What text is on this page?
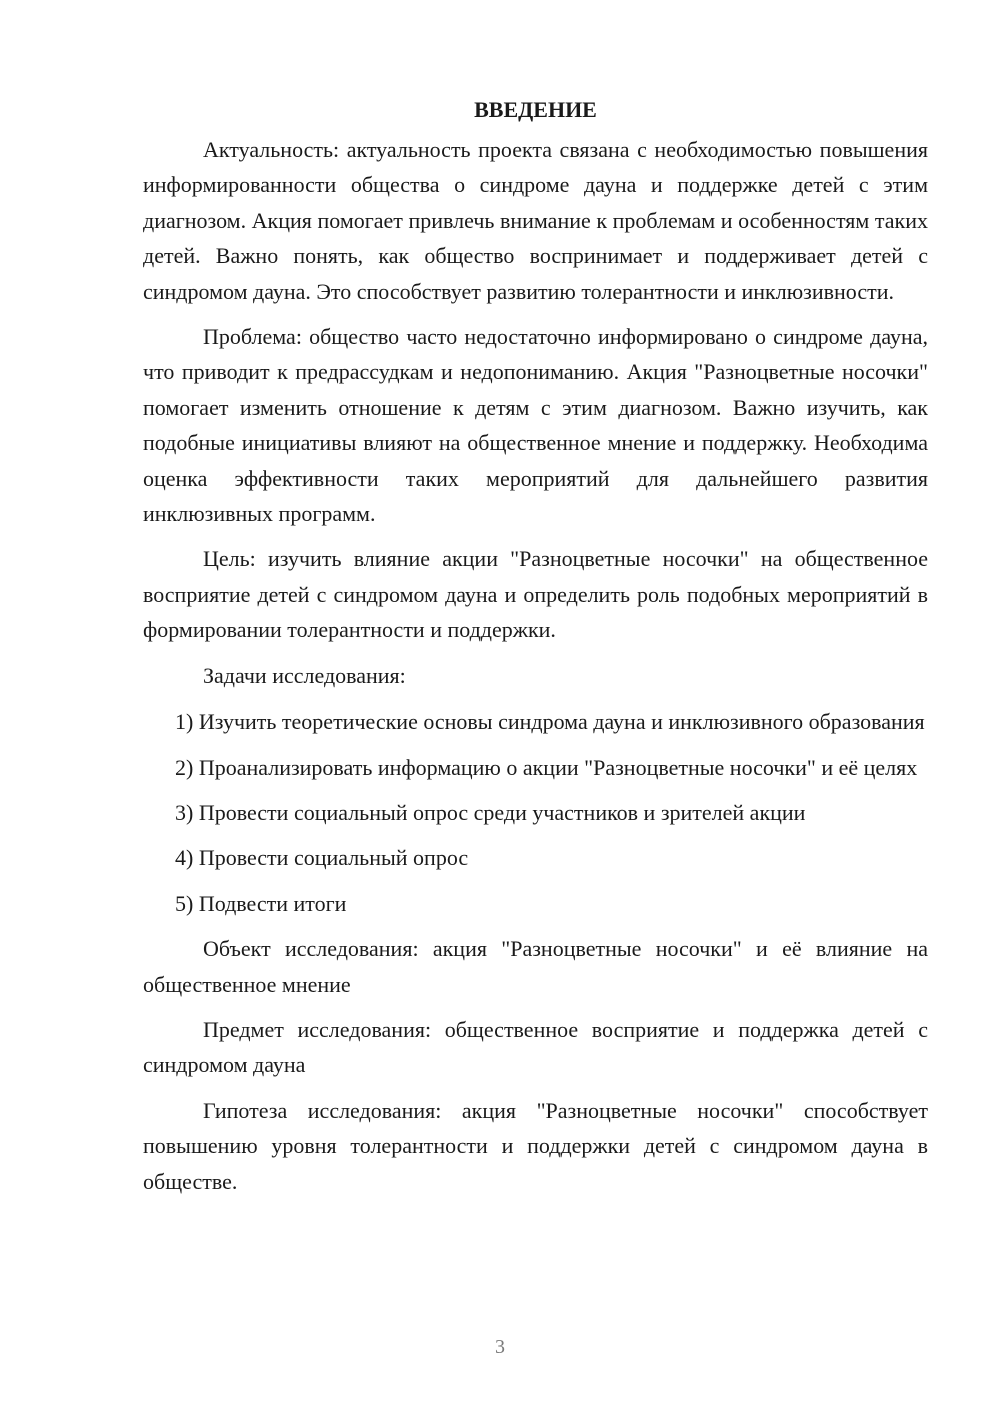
ВВЕДЕНИЕ

Актуальность: актуальность проекта связана с необходимостью повышения информированности общества о синдроме дауна и поддержке детей с этим диагнозом. Акция помогает привлечь внимание к проблемам и особенностям таких детей. Важно понять, как общество воспринимает и поддерживает детей с синдромом дауна. Это способствует развитию толерантности и инклюзивности.

Проблема: общество часто недостаточно информировано о синдроме дауна, что приводит к предрассудкам и недопониманию. Акция "Разноцветные носочки" помогает изменить отношение к детям с этим диагнозом. Важно изучить, как подобные инициативы влияют на общественное мнение и поддержку. Необходима оценка эффективности таких мероприятий для дальнейшего развития инклюзивных программ.

Цель: изучить влияние акции "Разноцветные носочки" на общественное восприятие детей с синдромом дауна и определить роль подобных мероприятий в формировании толерантности и поддержки.

Задачи исследования:

1) Изучить теоретические основы синдрома дауна и инклюзивного образования

2) Проанализировать информацию о акции "Разноцветные носочки" и её целях

3) Провести социальный опрос среди участников и зрителей акции

4) Провести социальный опрос

5) Подвести итоги

Объект исследования: акция "Разноцветные носочки" и её влияние на общественное мнение

Предмет исследования: общественное восприятие и поддержка детей с синдромом дауна

Гипотеза исследования: акция "Разноцветные носочки" способствует повышению уровня толерантности и поддержки детей с синдромом дауна в обществе.

3
